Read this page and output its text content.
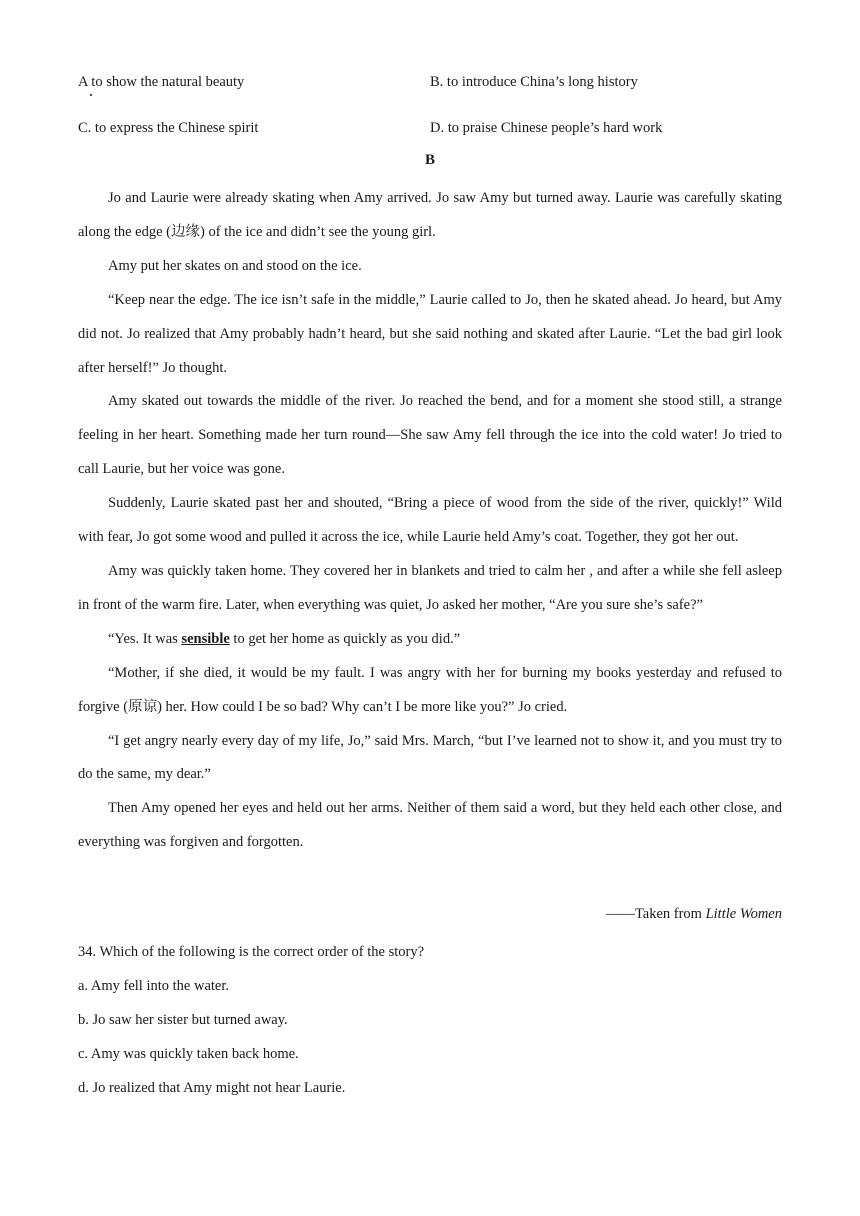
A to show the natural beauty	B. to introduce China’s long history
C. to express the Chinese spirit	D. to praise Chinese people’s hard work
B

Jo and Laurie were already skating when Amy arrived. Jo saw Amy but turned away. Laurie was carefully skating along the edge (边缘) of the ice and didn’t see the young girl.

Amy put her skates on and stood on the ice.

“Keep near the edge. The ice isn’t safe in the middle,” Laurie called to Jo, then he skated ahead. Jo heard, but Amy did not. Jo realized that Amy probably hadn’t heard, but she said nothing and skated after Laurie. “Let the bad girl look after herself!” Jo thought.

Amy skated out towards the middle of the river. Jo reached the bend, and for a moment she stood still, a strange feeling in her heart. Something made her turn round—She saw Amy fell through the ice into the cold water! Jo tried to call Laurie, but her voice was gone.

Suddenly, Laurie skated past her and shouted, “Bring a piece of wood from the side of the river, quickly!” Wild with fear, Jo got some wood and pulled it across the ice, while Laurie held Amy’s coat. Together, they got her out.

Amy was quickly taken home. They covered her in blankets and tried to calm her , and after a while she fell asleep in front of the warm fire. Later, when everything was quiet, Jo asked her mother, “Are you sure she’s safe?”

“Yes. It was sensible to get her home as quickly as you did.”

“Mother, if she died, it would be my fault. I was angry with her for burning my books yesterday and refused to forgive (原谅) her. How could I be so bad? Why can’t I be more like you?” Jo cried.

“I get angry nearly every day of my life, Jo,” said Mrs. March, “but I’ve learned not to show it, and you must try to do the same, my dear.”

Then Amy opened her eyes and held out her arms. Neither of them said a word, but they held each other close, and everything was forgiven and forgotten.

——Taken from Little Women
34. Which of the following is the correct order of the story?
a. Amy fell into the water.
b. Jo saw her sister but turned away.
c. Amy was quickly taken back home.
d. Jo realized that Amy might not hear Laurie.
